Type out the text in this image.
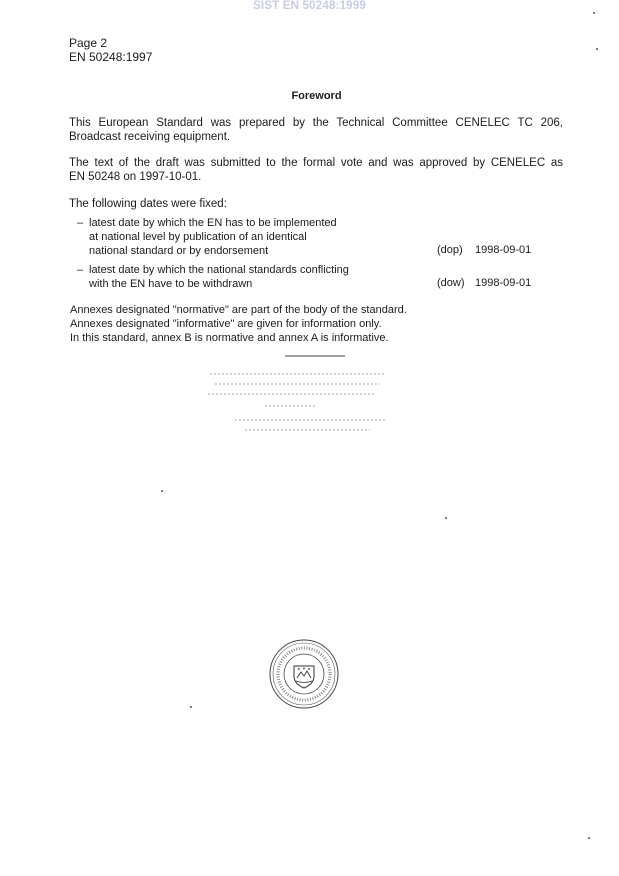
SIST EN 50248:1999
Page 2
EN 50248:1997
Foreword
This European Standard was prepared by the Technical Committee CENELEC TC 206,
Broadcast receiving equipment.
The text of the draft was submitted to the formal vote and was approved by CENELEC as
EN 50248 on 1997-10-01.
The following dates were fixed:
– latest date by which the EN has to be implemented
at national level by publication of an identical
national standard or by endorsement	(dop) 1998-09-01
– latest date by which the national standards conflicting
with the EN have to be withdrawn	(dow) 1998-09-01
Annexes designated "normative" are part of the body of the standard.
Annexes designated "informative" are given for information only.
In this standard, annex B is normative and annex A is informative.
